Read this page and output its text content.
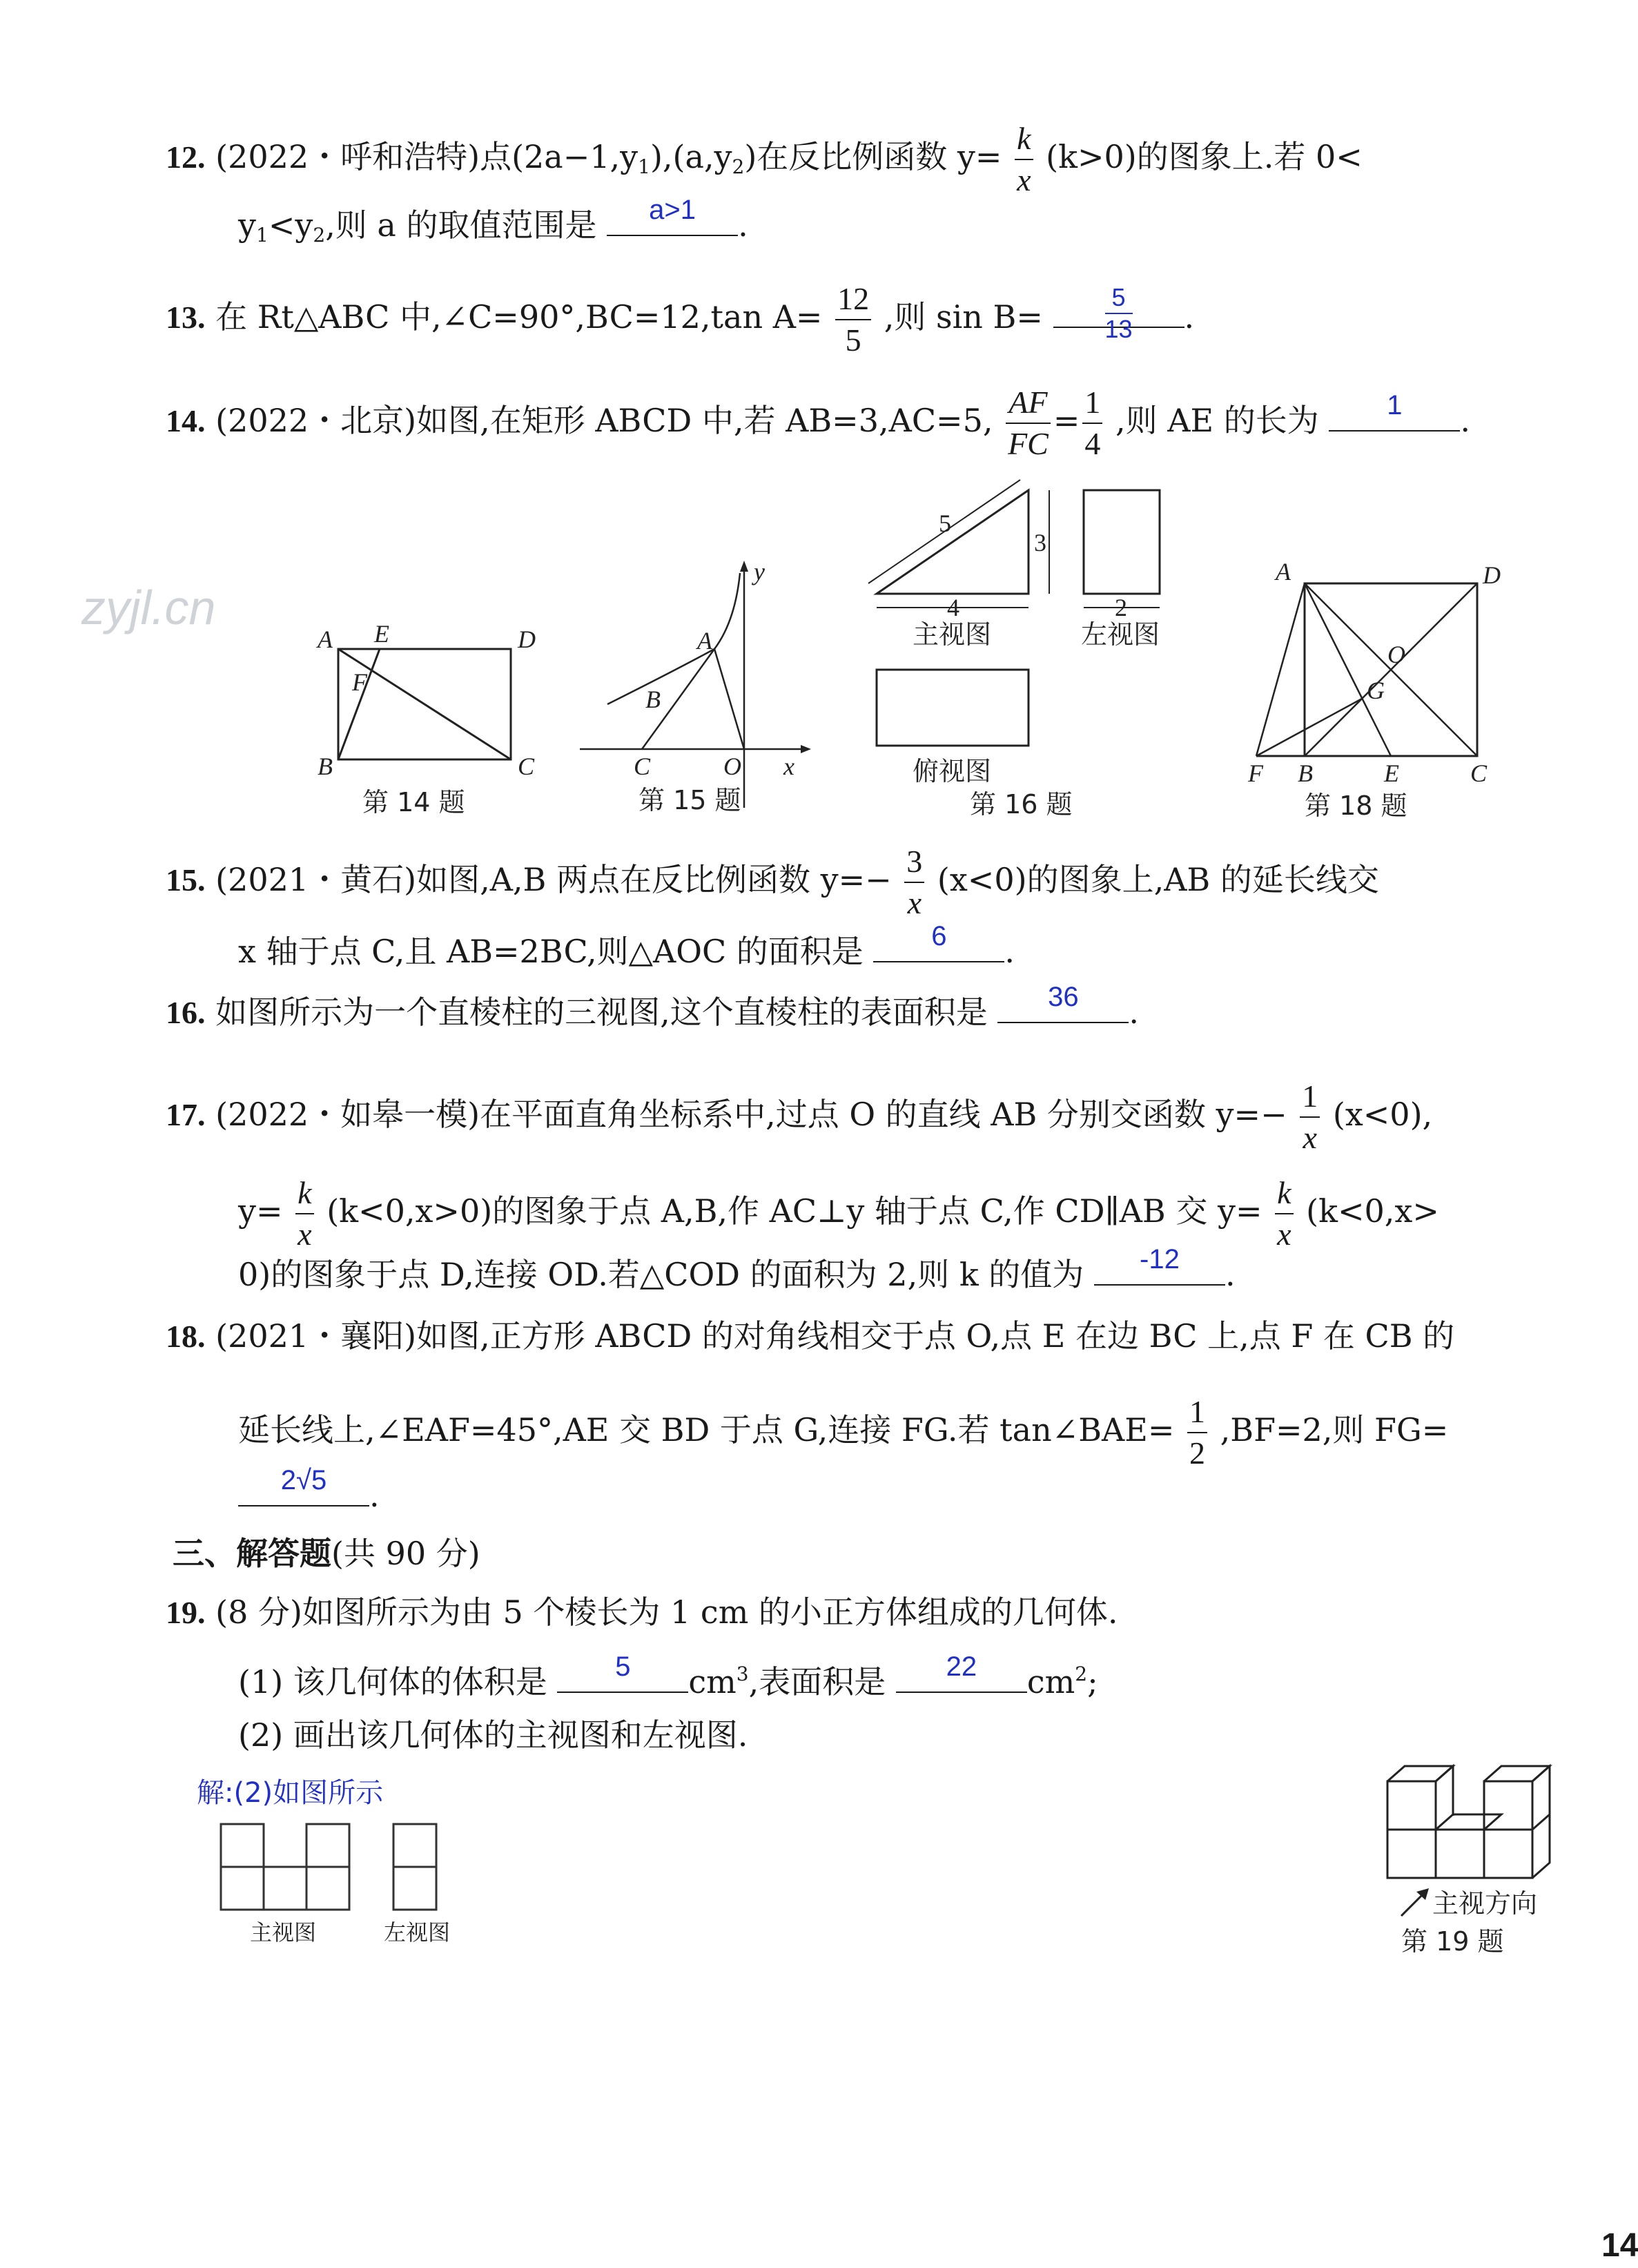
zyjl.cn
12. (2022・呼和浩特)点$(2a-1,y_1),(a,y_2)$在反比例函数 $y= \frac{k}{x} (k>0)$的图象上.若 0<
$y_1<y_2$,则 a 的取值范围是	a>1	.
13. 在 Rt△ABC 中,∠C=90°,BC=12,tan $A= \frac{12}{5}$ ,则 $\sin B= \frac{5}{13}$ .
14. (2022・北京)如图,在矩形 ABCD 中,若 AB=3,AC=5, $\frac{AF}{FC} = \frac{1}{4}$ ,则 AE 的长为	1	.
A E	D
F
B	C
第 14 题
y
A
B
C	O x
第 15 题
5
3
4
主视图
2
左视图
俯视图
第 16 题
A	D
O
G
F B	E	C
第 18 题
15. (2021・黄石)如图,A,B 两点在反比例函数 $y=- \frac{3}{x} (x<0)$的图象上,AB 的延长线交
x 轴于点 C,且 AB=2BC,则△AOC 的面积是	6	.
16. 如图所示为一个直棱柱的三视图,这个直棱柱的表面积是	36	.
17. (2022・如皋一模)在平面直角坐标系中,过点 O 的直线 AB 分别交函数 $y=- \frac{1}{x} (x<0)$,
$y= \frac{k}{x} (k<0,x>0)$的图象于点 A,B,作 AC⊥y 轴于点 C,作 CD∥AB 交 $y= \frac{k}{x} (k<0,x>$
0)的图象于点 D,连接 OD.若△COD 的面积为 2,则 k 的值为	-12	.
18. (2021・襄阳)如图,正方形 ABCD 的对角线相交于点 O,点 E 在边 BC 上,点 F 在 CB 的
延长线上,∠EAF=45°,AE 交 BD 于点 G,连接 FG.若 tan∠BAE= $\frac{1}{2} ,BF=2$,则 FG=
2√5	.
三、解答题(共 90 分)
19. (8 分)如图所示为由 5 个棱长为 1 cm 的小正方体组成的几何体.
(1) 该几何体的体积是	5	$cm^3$,表面积是	22	$cm^2$;
(2) 画出该几何体的主视图和左视图.
解:(2)如图所示
主视图	左视图
主视方向
第 19 题
14
